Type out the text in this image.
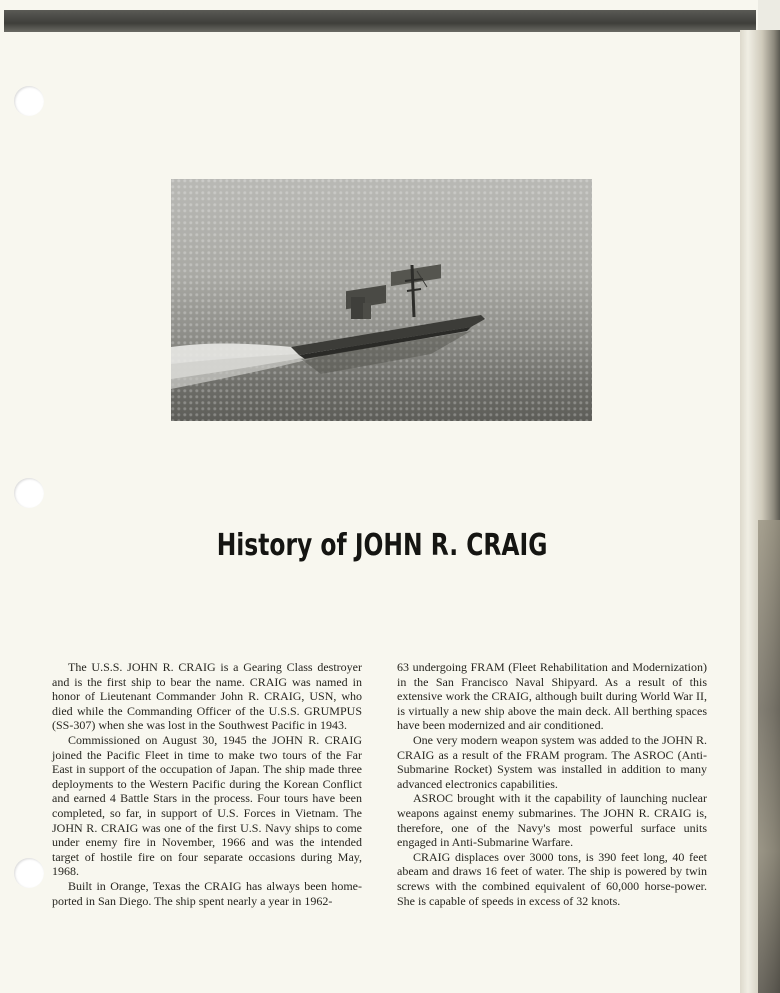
History of JOHN R. CRAIG

The U.S.S. JOHN R. CRAIG is a Gearing Class destroyer and is the first ship to bear the name. CRAIG was named in honor of Lieutenant Commander John R. CRAIG, USN, who died while the Commanding Officer of the U.S.S. GRUMPUS (SS-307) when she was lost in the Southwest Pacific in 1943.

Commissioned on August 30, 1945 the JOHN R. CRAIG joined the Pacific Fleet in time to make two tours of the Far East in support of the occupation of Japan. The ship made three deployments to the Western Pacific during the Korean Conflict and earned 4 Battle Stars in the process. Four tours have been completed, so far, in support of U.S. Forces in Vietnam. The JOHN R. CRAIG was one of the first U.S. Navy ships to come under enemy fire in November, 1966 and was the intended target of hostile fire on four separate occasions during May, 1968.

Built in Orange, Texas the CRAIG has always been home-ported in San Diego. The ship spent nearly a year in 1962-

63 undergoing FRAM (Fleet Rehabilitation and Modernization) in the San Francisco Naval Shipyard. As a result of this extensive work the CRAIG, although built during World War II, is virtually a new ship above the main deck. All berthing spaces have been modernized and air conditioned.

One very modern weapon system was added to the JOHN R. CRAIG as a result of the FRAM program. The ASROC (Anti-Submarine Rocket) System was installed in addition to many advanced electronics capabilities.

ASROC brought with it the capability of launching nuclear weapons against enemy submarines. The JOHN R. CRAIG is, therefore, one of the Navy's most powerful surface units engaged in Anti-Submarine Warfare.

CRAIG displaces over 3000 tons, is 390 feet long, 40 feet abeam and draws 16 feet of water. The ship is powered by twin screws with the combined equivalent of 60,000 horse-power. She is capable of speeds in excess of 32 knots.
